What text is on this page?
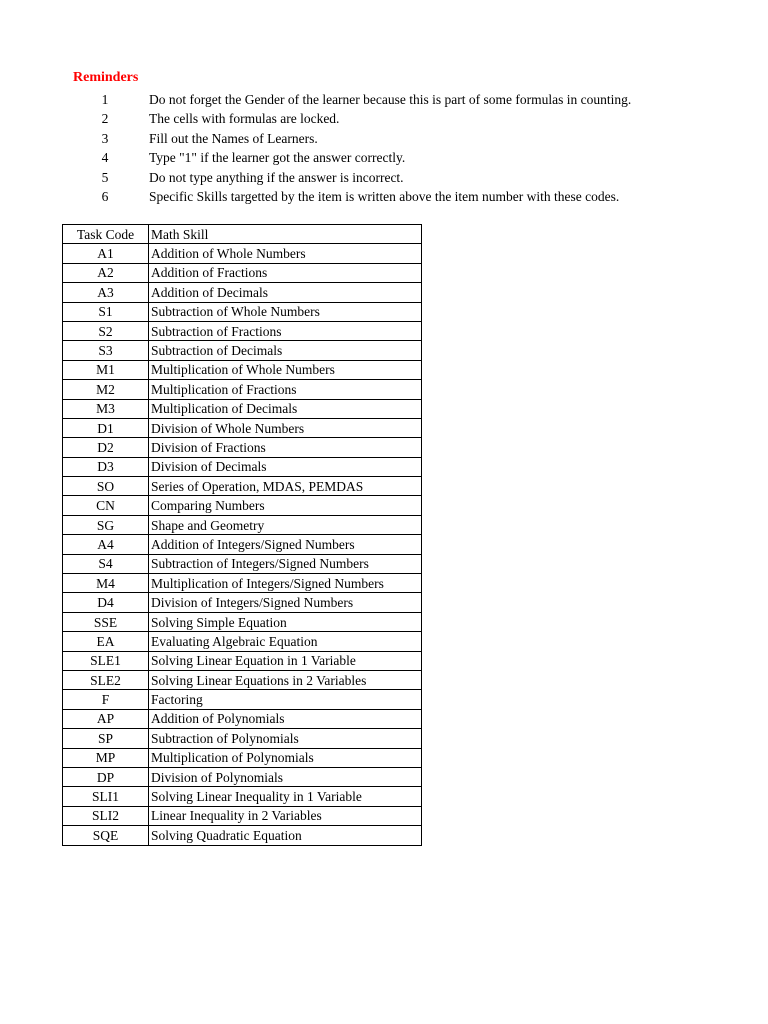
Reminders
1	Do not forget the Gender of the learner because this is part of some formulas in counting.
2	The cells with formulas are locked.
3	Fill out the Names of Learners.
4	Type "1" if the learner got the answer correctly.
5	Do not type anything if the answer is incorrect.
6	Specific Skills targetted by the item is written above the item number with these codes.
Task Code	Math Skill
A1	Addition of Whole Numbers
A2	Addition of Fractions
A3	Addition of Decimals
S1	Subtraction of Whole Numbers
S2	Subtraction of Fractions
S3	Subtraction of Decimals
M1	Multiplication of Whole Numbers
M2	Multiplication of Fractions
M3	Multiplication of Decimals
D1	Division of Whole Numbers
D2	Division of Fractions
D3	Division of Decimals
SO	Series of Operation, MDAS, PEMDAS
CN	Comparing Numbers
SG	Shape and Geometry
A4	Addition of Integers/Signed Numbers
S4	Subtraction of Integers/Signed Numbers
M4	Multiplication of Integers/Signed Numbers
D4	Division of Integers/Signed Numbers
SSE	Solving Simple Equation
EA	Evaluating Algebraic Equation
SLE1	Solving Linear Equation in 1 Variable
SLE2	Solving Linear Equations in 2 Variables
F	Factoring
AP	Addition of Polynomials
SP	Subtraction of Polynomials
MP	Multiplication of Polynomials
DP	Division of Polynomials
SLI1	Solving Linear Inequality in 1 Variable
SLI2	Linear Inequality in 2 Variables
SQE	Solving Quadratic Equation
